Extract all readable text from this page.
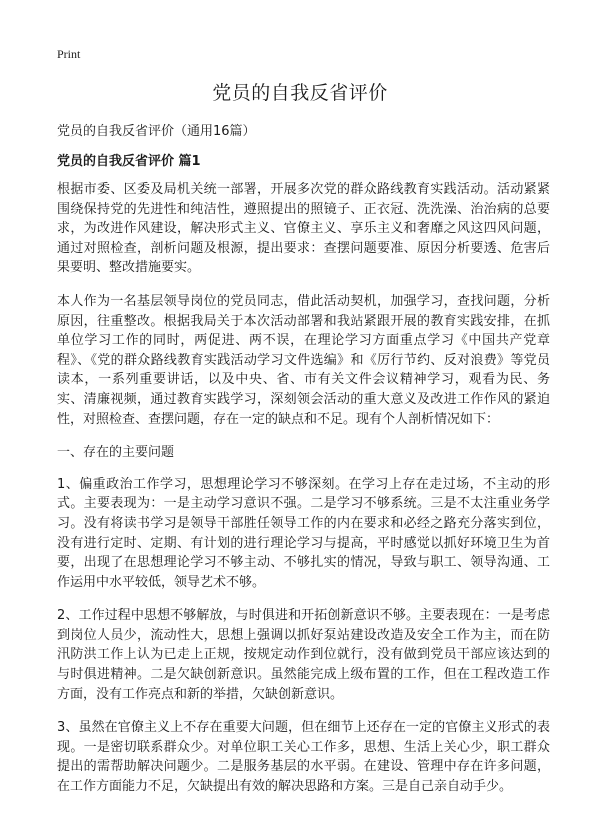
Print
党员的自我反省评价

党员的自我反省评价（通用16篇）

党员的自我反省评价 篇1

根据市委、区委及局机关统一部署，开展多次党的群众路线教育实践活动。活动紧紧围绕保持党的先进性和纯洁性，遵照提出的照镜子、正衣冠、洗洗澡、治治病的总要求，为改进作风建设，解决形式主义、官僚主义、享乐主义和奢靡之风这四风问题，通过对照检查，剖析问题及根源，提出要求：查摆问题要准、原因分析要透、危害后果要明、整改措施要实。

本人作为一名基层领导岗位的党员同志，借此活动契机，加强学习，查找问题，分析原因，往重整改。根据我局关于本次活动部署和我站紧跟开展的教育实践安排，在抓单位学习工作的同时，两促进、两不误，在理论学习方面重点学习《中国共产党章程》、《党的群众路线教育实践活动学习文件选编》和《厉行节约、反对浪费》等党员读本，一系列重要讲话，以及中央、省、市有关文件会议精神学习，观看为民、务实、清廉视频，通过教育实践学习，深刻领会活动的重大意义及改进工作作风的紧迫性，对照检查、查摆问题，存在一定的缺点和不足。现有个人剖析情况如下：

一、存在的主要问题

1、偏重政治工作学习，思想理论学习不够深刻。在学习上存在走过场，不主动的形式。主要表现为：一是主动学习意识不强。二是学习不够系统。三是不太注重业务学习。没有将读书学习是领导干部胜任领导工作的内在要求和必经之路充分落实到位，没有进行定时、定期、有计划的进行理论学习与提高，平时感觉以抓好环境卫生为首要，出现了在思想理论学习不够主动、不够扎实的情况，导致与职工、领导沟通、工作运用中水平较低，领导艺术不够。

2、工作过程中思想不够解放，与时俱进和开拓创新意识不够。主要表现在：一是考虑到岗位人员少，流动性大，思想上强调以抓好泵站建设改造及安全工作为主，而在防汛防洪工作上认为已走上正规，按规定动作到位就行，没有做到党员干部应该达到的与时俱进精神。二是欠缺创新意识。虽然能完成上级布置的工作，但在工程改造工作方面，没有工作亮点和新的举措，欠缺创新意识。

3、虽然在官僚主义上不存在重要大问题，但在细节上还存在一定的官僚主义形式的表现。一是密切联系群众少。对单位职工关心工作多，思想、生活上关心少，职工群众提出的需帮助解决问题少。二是服务基层的水平弱。在建设、管理中存在许多问题，在工作方面能力不足，欠缺提出有效的解决思路和方案。三是自己亲自动手少。
